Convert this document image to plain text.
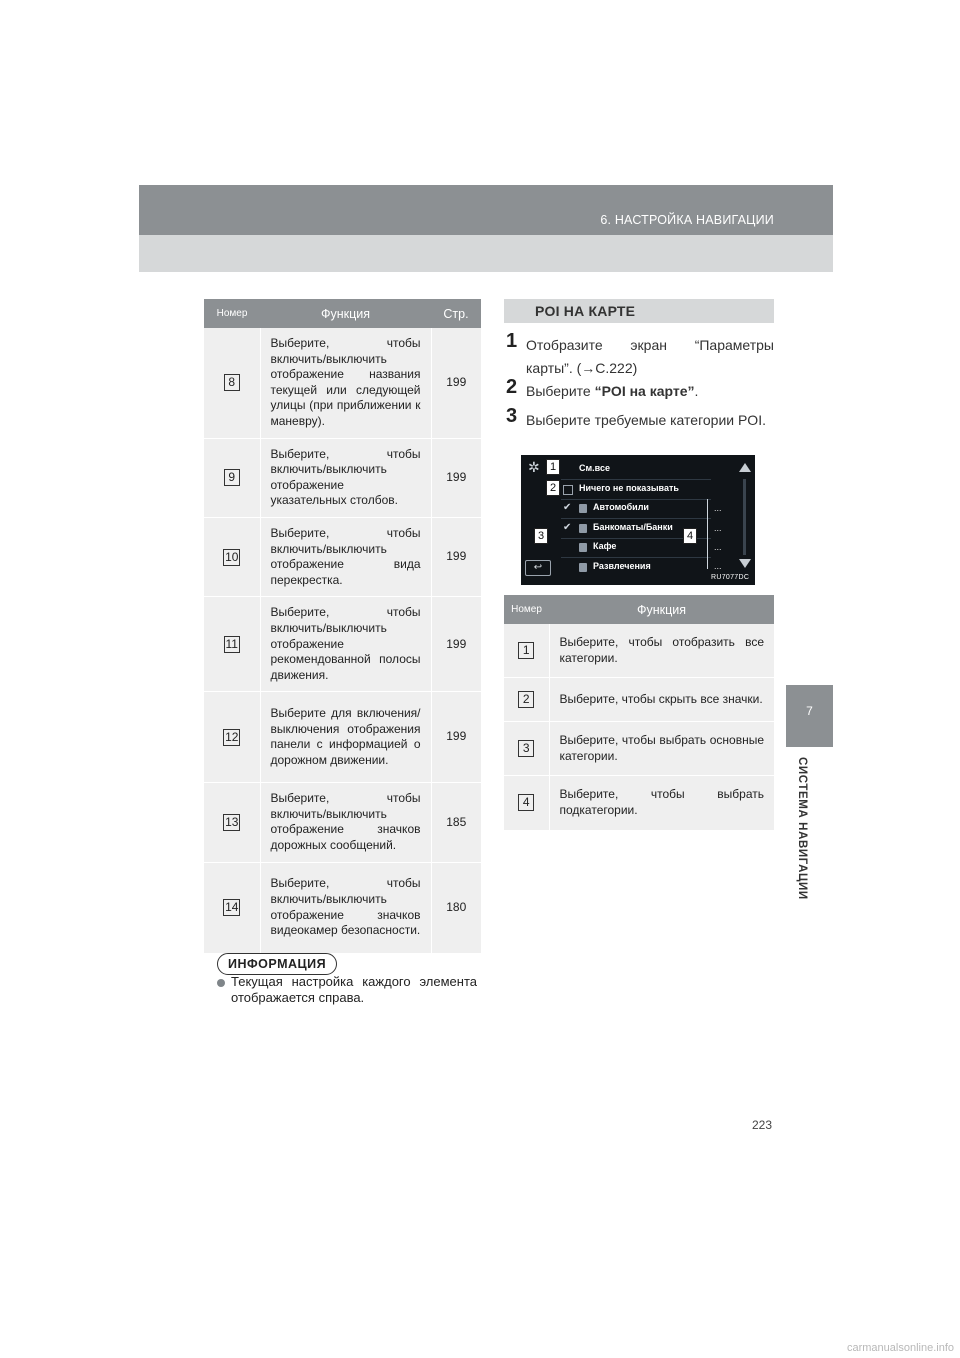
6. НАСТРОЙКА НАВИГАЦИИ
7
СИСТЕМА НАВИГАЦИИ
Номер	Функция	Стр.
8	Выберите, чтобы включить/выключить отображение названия текущей или следующей улицы (при приближении к маневру).	199
9	Выберите, чтобы включить/выключить отображение указательных столбов.	199
10	Выберите, чтобы включить/выключить отображение вида перекрестка.	199
11	Выберите, чтобы включить/выключить отображение рекомендованной полосы движения.	199
12	Выберите для включения/выключения отображения панели с информацией о дорожном движении.	199
13	Выберите, чтобы включить/выключить отображение значков дорожных сообщений.	185
14	Выберите, чтобы включить/выключить отображение значков видеокамер безопасности.	180
ИНФОРМАЦИЯ
Текущая настройка каждого элемента отображается справа.
POI НА КАРТЕ
1 Отобразите экран “Параметры карты”. (→С.222)
2 Выберите “POI на карте”.
3 Выберите требуемые категории POI.
✲	См.все
Ничего не показывать
✔ Автомобили
✔ Банкоматы/Банки
Кафе
Развлечения
...
...
...
...
↩
RU7077DC
1
2
3	4
Номер	Функция
1	Выберите, чтобы отобразить все категории.
2	Выберите, чтобы скрыть все значки.
3	Выберите, чтобы выбрать основные категории.
4	Выберите, чтобы выбрать подкатегории.
223
carmanualsonline.info
